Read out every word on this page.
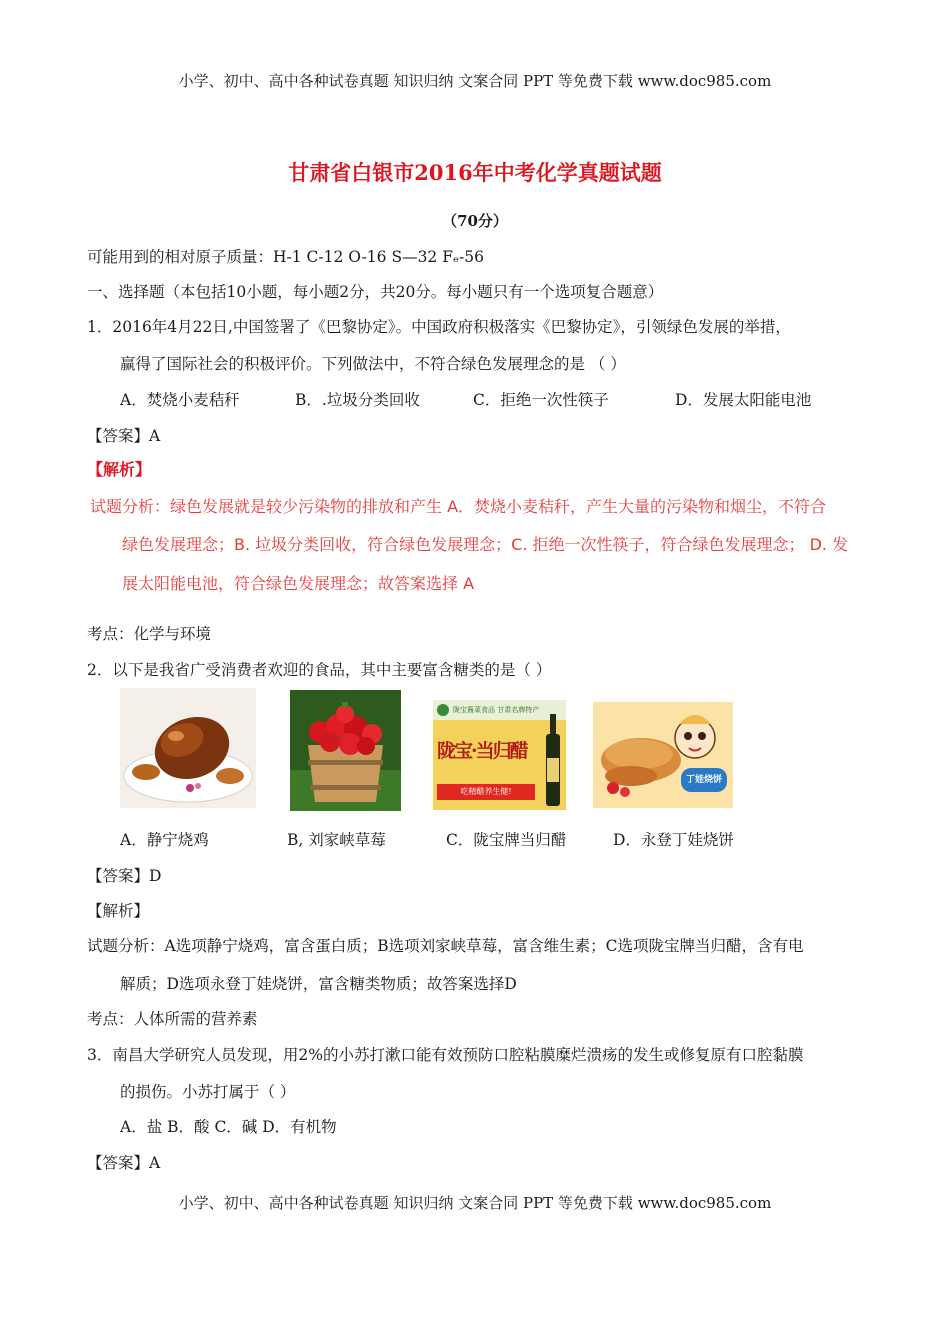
小学、初中、高中各种试卷真题 知识归纳 文案合同 PPT 等免费下载 www.doc985.com
甘肃省白银市2016年中考化学真题试题
（70分）
可能用到的相对原子质量：H-1 C-12 O-16 S—32 Fₑ-56
一、选择题（本包括10小题，每小题2分，共20分。每小题只有一个选项复合题意）
1．2016年4月22日,中国签署了《巴黎协定》。中国政府积极落实《巴黎协定》，引领绿色发展的举措，
赢得了国际社会的积极评价。下列做法中，不符合绿色发展理念的是 （ ）
A．焚烧小麦秸秆	B．.垃圾分类回收	C．拒绝一次性筷子	D．发展太阳能电池
【答案】A
【解析】
试题分析：绿色发展就是较少污染物的排放和产生 A．焚烧小麦秸秆，产生大量的污染物和烟尘，不符合
绿色发展理念；B. 垃圾分类回收，符合绿色发展理念；C. 拒绝一次性筷子，符合绿色发展理念； D. 发
展太阳能电池，符合绿色发展理念；故答案选择 A
考点：化学与环境
2．以下是我省广受消费者欢迎的食品，其中主要富含糖类的是（ ）
陇宝酱菜食品 甘肃名牌特产
陇宝·当归醋
吃精醋养生健!
丁娃烧饼
A．静宁烧鸡	B, 刘家峡草莓	C．陇宝牌当归醋	D．永登丁娃烧饼
【答案】D
【解析】
试题分析：A选项静宁烧鸡，富含蛋白质；B选项刘家峡草莓，富含维生素；C选项陇宝牌当归醋，含有电
解质；D选项永登丁娃烧饼，富含糖类物质；故答案选择D
考点：人体所需的营养素
3．南昌大学研究人员发现，用2%的小苏打漱口能有效预防口腔粘膜糜烂溃疡的发生或修复原有口腔黏膜
的损伤。小苏打属于（ ）
A．盐 B．酸 C．碱 D．有机物
【答案】A
小学、初中、高中各种试卷真题 知识归纳 文案合同 PPT 等免费下载 www.doc985.com
